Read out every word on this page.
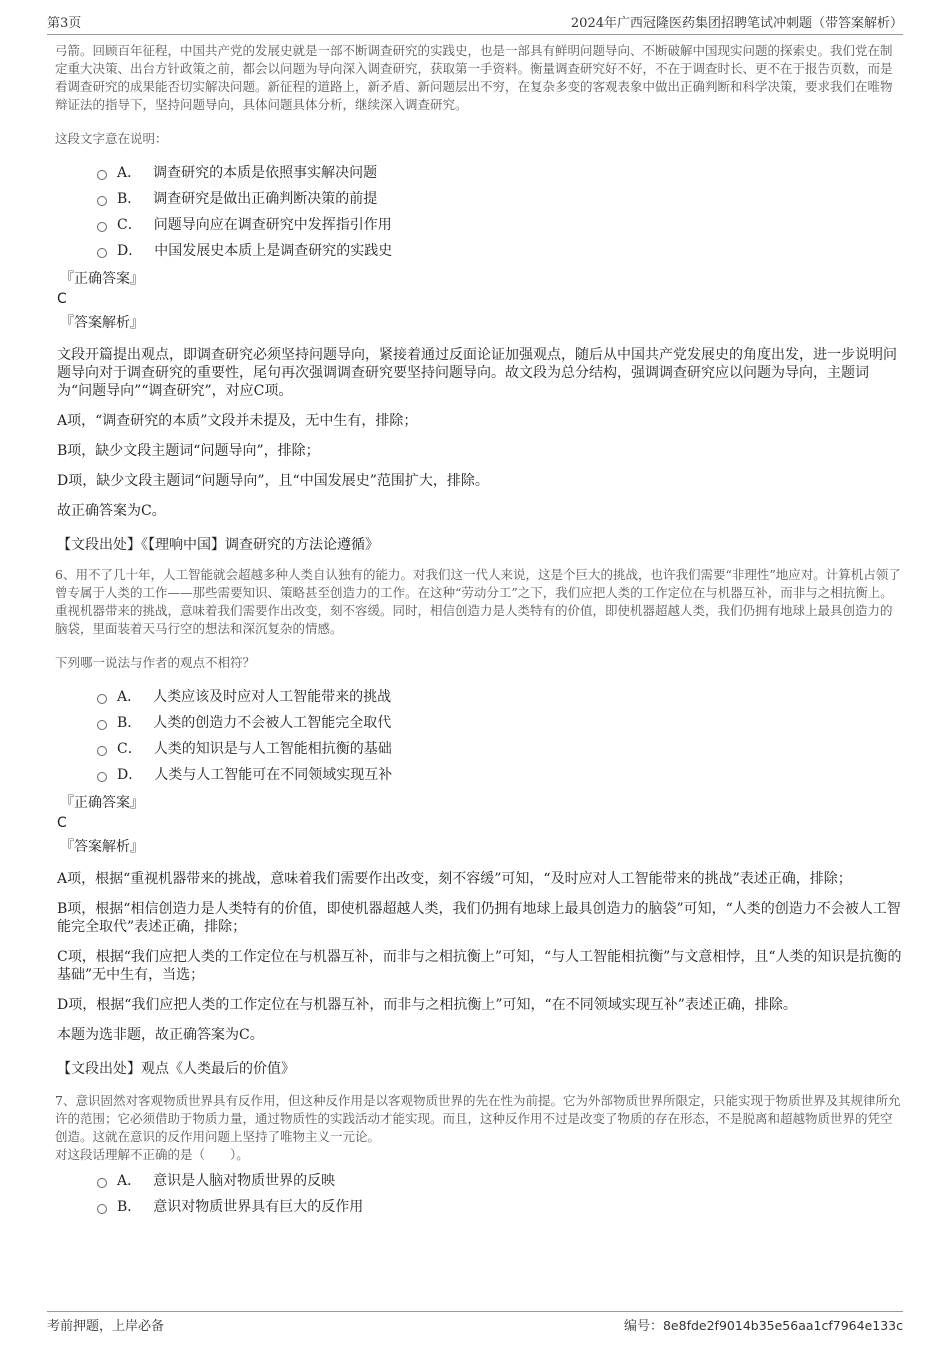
第3页	2024年广西冠隆医药集团招聘笔试冲刺题（带答案解析）

弓箭。回顾百年征程，中国共产党的发展史就是一部不断调查研究的实践史，也是一部具有鲜明问题导向、不断破解中国现实问题的探索史。我们党在制定重大决策、出台方针政策之前，都会以问题为导向深入调查研究，获取第一手资料。衡量调查研究好不好，不在于调查时长、更不在于报告页数，而是看调查研究的成果能否切实解决问题。新征程的道路上，新矛盾、新问题层出不穷，在复杂多变的客观表象中做出正确判断和科学决策，要求我们在唯物辩证法的指导下，坚持问题导向，具体问题具体分析，继续深入调查研究。

这段文字意在说明：

A． 调查研究的本质是依照事实解决问题
B． 调查研究是做出正确判断决策的前提
C． 问题导向应在调查研究中发挥指引作用
D． 中国发展史本质上是调查研究的实践史
『正确答案』
C
『答案解析』

文段开篇提出观点，即调查研究必须坚持问题导向，紧接着通过反面论证加强观点，随后从中国共产党发展史的角度出发，进一步说明问题导向对于调查研究的重要性，尾句再次强调调查研究要坚持问题导向。故文段为总分结构，强调调查研究应以问题为导向，主题词为“问题导向”“调查研究”，对应C项。

A项，“调查研究的本质”文段并未提及，无中生有，排除；

B项，缺少文段主题词“问题导向”，排除；

D项，缺少文段主题词“问题导向”，且“中国发展史”范围扩大，排除。

故正确答案为C。

【文段出处】《【理响中国】调查研究的方法论遵循》

6、用不了几十年，人工智能就会超越多种人类自认独有的能力。对我们这一代人来说，这是个巨大的挑战，也许我们需要“非理性”地应对。计算机占领了曾专属于人类的工作——那些需要知识、策略甚至创造力的工作。在这种“劳动分工”之下，我们应把人类的工作定位在与机器互补，而非与之相抗衡上。重视机器带来的挑战，意味着我们需要作出改变，刻不容缓。同时，相信创造力是人类特有的价值，即使机器超越人类，我们仍拥有地球上最具创造力的脑袋，里面装着天马行空的想法和深沉复杂的情感。

下列哪一说法与作者的观点不相符？

A． 人类应该及时应对人工智能带来的挑战
B． 人类的创造力不会被人工智能完全取代
C． 人类的知识是与人工智能相抗衡的基础
D． 人类与人工智能可在不同领域实现互补
『正确答案』
C
『答案解析』

A项，根据“重视机器带来的挑战，意味着我们需要作出改变，刻不容缓”可知，“及时应对人工智能带来的挑战”表述正确，排除；

B项，根据“相信创造力是人类特有的价值，即使机器超越人类，我们仍拥有地球上最具创造力的脑袋”可知，“人类的创造力不会被人工智能完全取代”表述正确，排除；

C项，根据“我们应把人类的工作定位在与机器互补，而非与之相抗衡上”可知，“与人工智能相抗衡”与文意相悖，且“人类的知识是抗衡的基础”无中生有，当选；

D项，根据“我们应把人类的工作定位在与机器互补，而非与之相抗衡上”可知，“在不同领域实现互补”表述正确，排除。

本题为选非题，故正确答案为C。

【文段出处】观点《人类最后的价值》

7、意识固然对客观物质世界具有反作用，但这种反作用是以客观物质世界的先在性为前提。它为外部物质世界所限定，只能实现于物质世界及其规律所允许的范围；它必须借助于物质力量，通过物质性的实践活动才能实现。而且，这种反作用不过是改变了物质的存在形态，不是脱离和超越物质世界的凭空创造。这就在意识的反作用问题上坚持了唯物主义一元论。

对这段话理解不正确的是（　　）。

A． 意识是人脑对物质世界的反映
B． 意识对物质世界具有巨大的反作用
考前押题，上岸必备	编号：8e8fde2f9014b35e56aa1cf7964e133c
